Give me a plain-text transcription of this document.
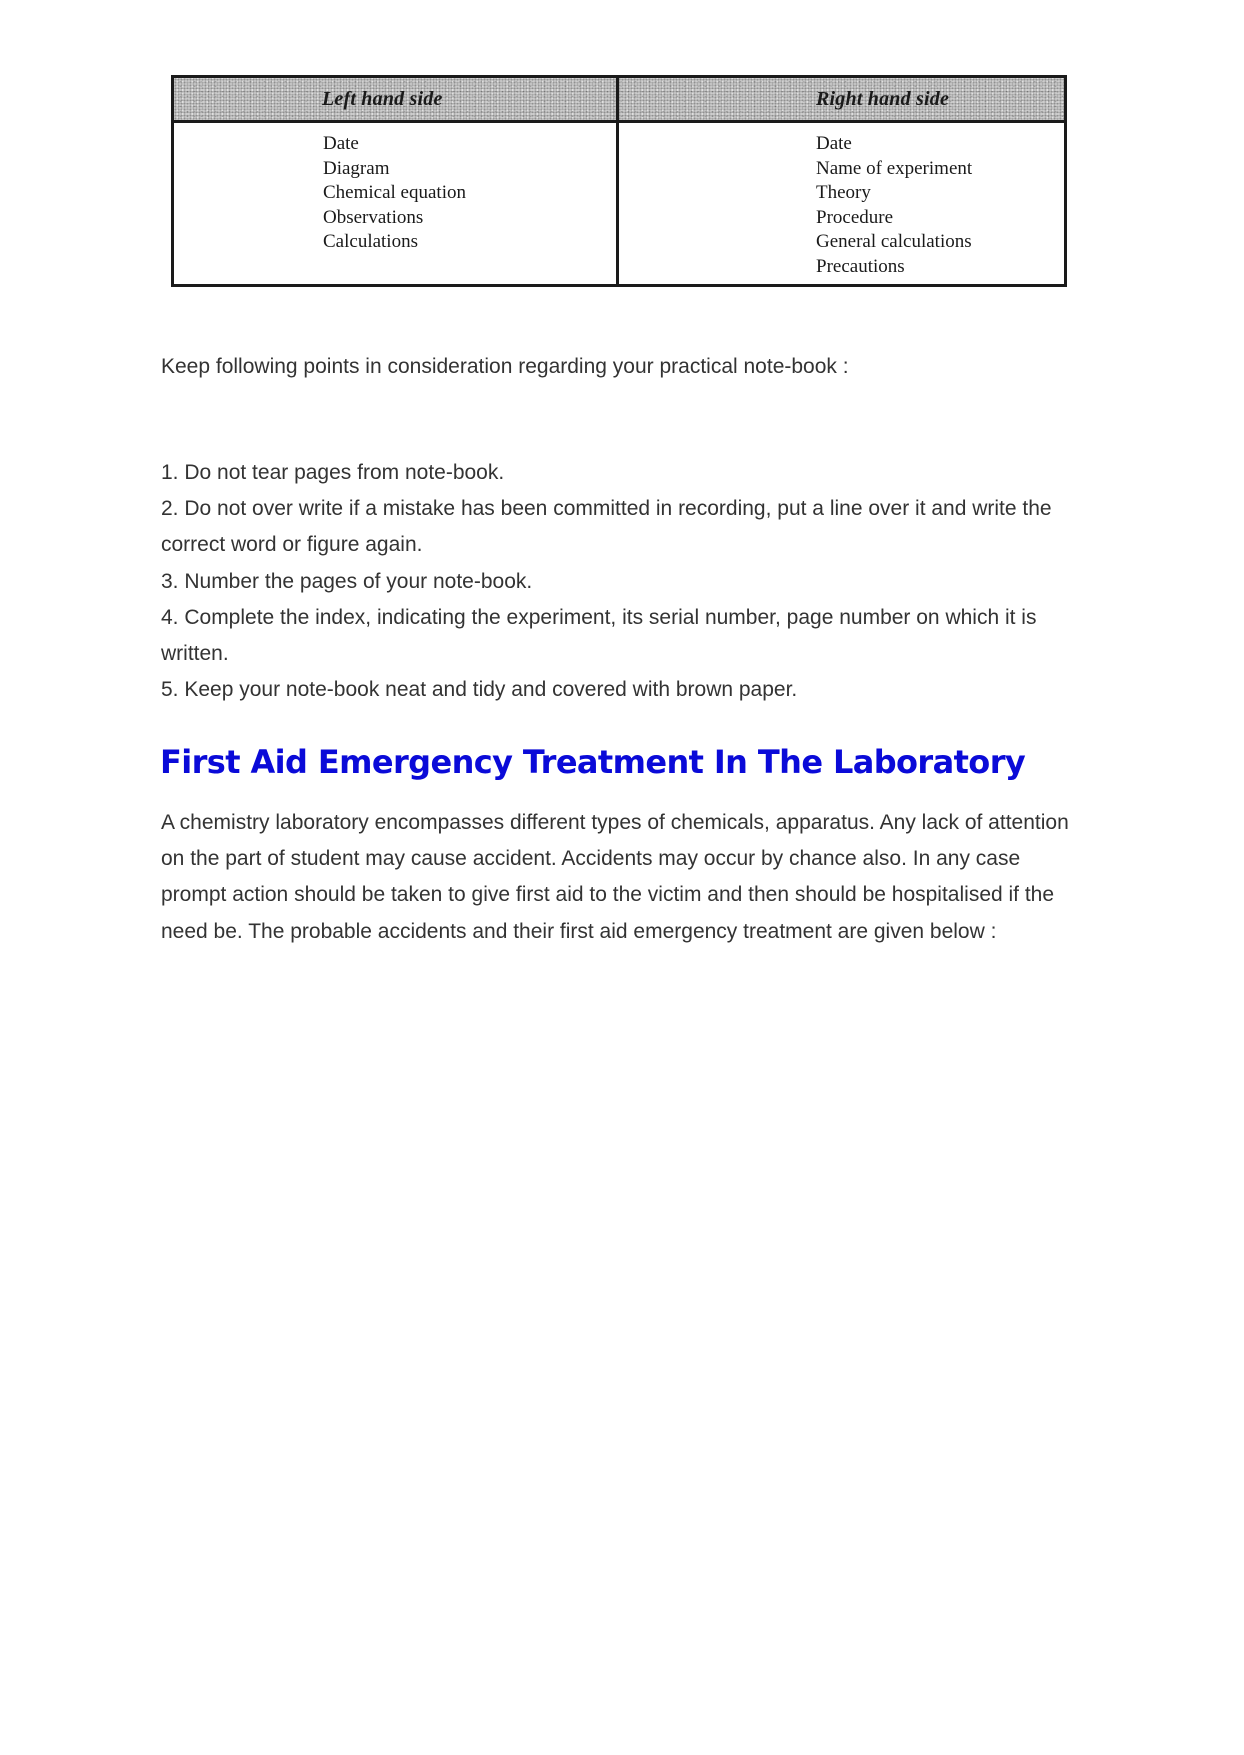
Left hand side	Right hand side
Date
Diagram
Chemical equation
Observations
Calculations
Date
Name of experiment
Theory
Procedure
General calculations
Precautions

Keep following points in consideration regarding your practical note-book :

1. Do not tear pages from note-book.
2. Do not over write if a mistake has been committed in recording, put a line over it and write the correct word or figure again.
3. Number the pages of your note-book.
4. Complete the index, indicating the experiment, its serial number, page number on which it is written.
5. Keep your note-book neat and tidy and covered with brown paper.
First Aid Emergency Treatment In The Laboratory

A chemistry laboratory encompasses different types of chemicals, apparatus. Any lack of attention on the part of student may cause accident. Accidents may occur by chance also. In any case prompt action should be taken to give first aid to the victim and then should be hospitalised if the need be. The probable accidents and their first aid emergency treatment are given below :
